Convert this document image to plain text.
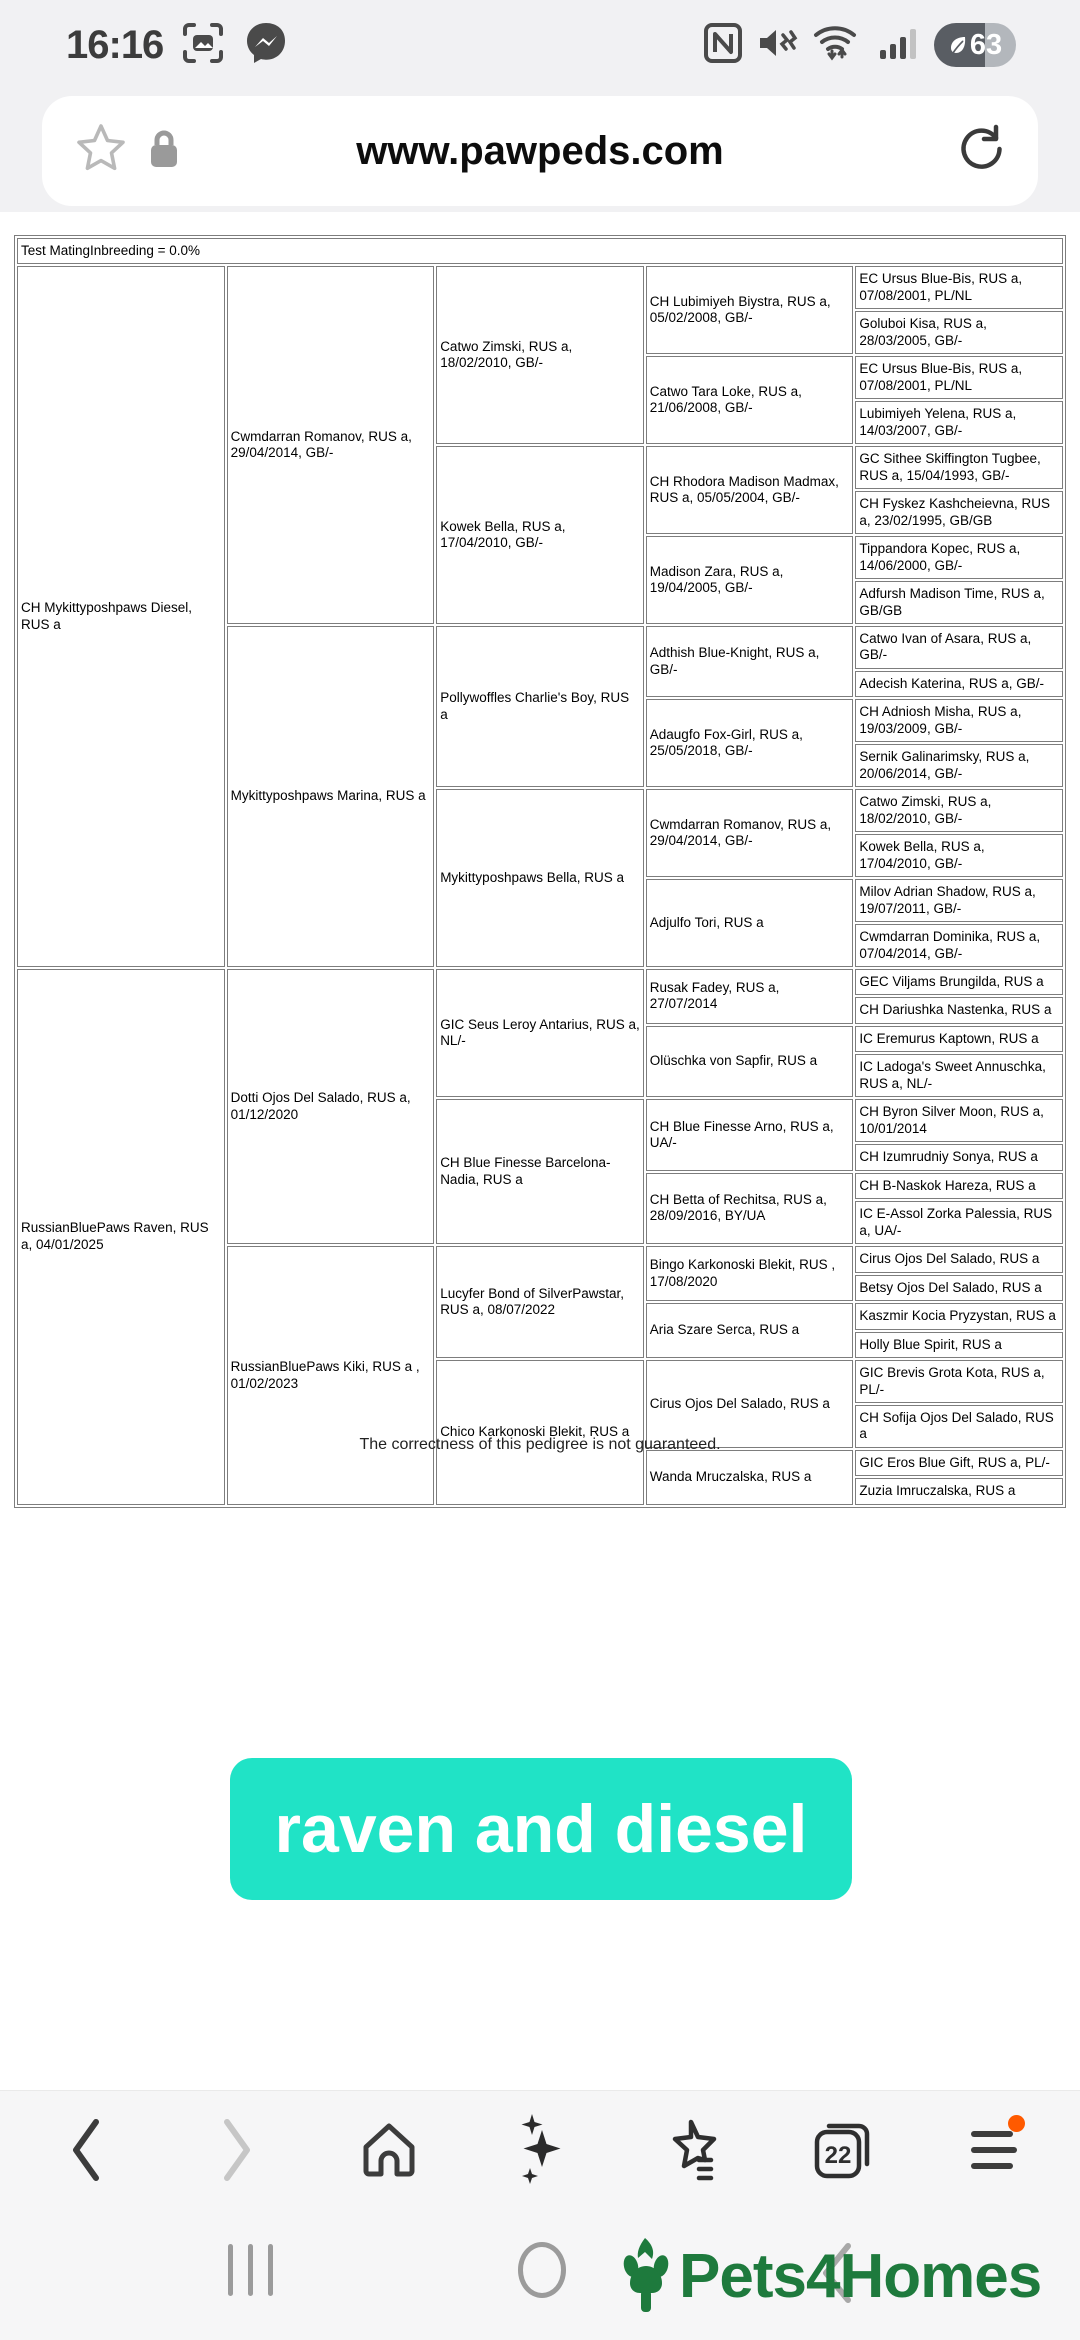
16:16	63
www.pawpeds.com
Test MatingInbreeding = 0.0%				
CH Mykittyposhpaws Diesel, RUS a	Cwmdarran Romanov, RUS a, 29/04/2014, GB/-	Catwo Zimski, RUS a, 18/02/2010, GB/-	CH Lubimiyeh Biystra, RUS a, 05/02/2008, GB/-	EC Ursus Blue-Bis, RUS a, 07/08/2001, PL/NL
				Goluboi Kisa, RUS a, 28/03/2005, GB/-
			Catwo Tara Loke, RUS a, 21/06/2008, GB/-	EC Ursus Blue-Bis, RUS a, 07/08/2001, PL/NL
				Lubimiyeh Yelena, RUS a, 14/03/2007, GB/-
		Kowek Bella, RUS a, 17/04/2010, GB/-	CH Rhodora Madison Madmax, RUS a, 05/05/2004, GB/-	GC Sithee Skiffington Tugbee, RUS a, 15/04/1993, GB/-
				CH Fyskez Kashcheievna, RUS a, 23/02/1995, GB/GB
			Madison Zara, RUS a, 19/04/2005, GB/-	Tippandora Kopec, RUS a, 14/06/2000, GB/-
				Adfursh Madison Time, RUS a, GB/GB
	Mykittyposhpaws Marina, RUS a	Pollywoffles Charlie's Boy, RUS a	Adthish Blue-Knight, RUS a, GB/-	Catwo Ivan of Asara, RUS a, GB/-
				Adecish Katerina, RUS a, GB/-
			Adaugfo Fox-Girl, RUS a, 25/05/2018, GB/-	CH Adniosh Misha, RUS a, 19/03/2009, GB/-
				Sernik Galinarimsky, RUS a, 20/06/2014, GB/-
		Mykittyposhpaws Bella, RUS a	Cwmdarran Romanov, RUS a, 29/04/2014, GB/-	Catwo Zimski, RUS a, 18/02/2010, GB/-
				Kowek Bella, RUS a, 17/04/2010, GB/-
			Adjulfo Tori, RUS a	Milov Adrian Shadow, RUS a, 19/07/2011, GB/-
				Cwmdarran Dominika, RUS a, 07/04/2014, GB/-
RussianBluePaws Raven, RUS a, 04/01/2025	Dotti Ojos Del Salado, RUS a, 01/12/2020	GIC Seus Leroy Antarius, RUS a, NL/-	Rusak Fadey, RUS a, 27/07/2014	GEC Viljams Brungilda, RUS a
				CH Dariushka Nastenka, RUS a
			Olüschka von Sapfir, RUS a	IC Eremurus Kaptown, RUS a
				IC Ladoga's Sweet Annuschka, RUS a, NL/-
		CH Blue Finesse Barcelona-Nadia, RUS a	CH Blue Finesse Arno, RUS a, UA/-	CH Byron Silver Moon, RUS a, 10/01/2014
				CH Izumrudniy Sonya, RUS a
			CH Betta of Rechitsa, RUS a, 28/09/2016, BY/UA	CH B-Naskok Hareza, RUS a
				IC E-Assol Zorka Palessia, RUS a, UA/-
	RussianBluePaws Kiki, RUS a , 01/02/2023	Lucyfer Bond of SilverPawstar, RUS a, 08/07/2022	Bingo Karkonoski Blekit, RUS , 17/08/2020	Cirus Ojos Del Salado, RUS a
				Betsy Ojos Del Salado, RUS a
			Aria Szare Serca, RUS a	Kaszmir Kocia Pryzystan, RUS a
				Holly Blue Spirit, RUS a
		Chico Karkonoski Blekit, RUS a	Cirus Ojos Del Salado, RUS a	GIC Brevis Grota Kota, RUS a, PL/-
				CH Sofija Ojos Del Salado, RUS a
			Wanda Mruczalska, RUS a	GIC Eros Blue Gift, RUS a, PL/-
				Zuzia Imruczalska, RUS a
The correctness of this pedigree is not guaranteed.
raven and diesel
22
Pets4Homes
